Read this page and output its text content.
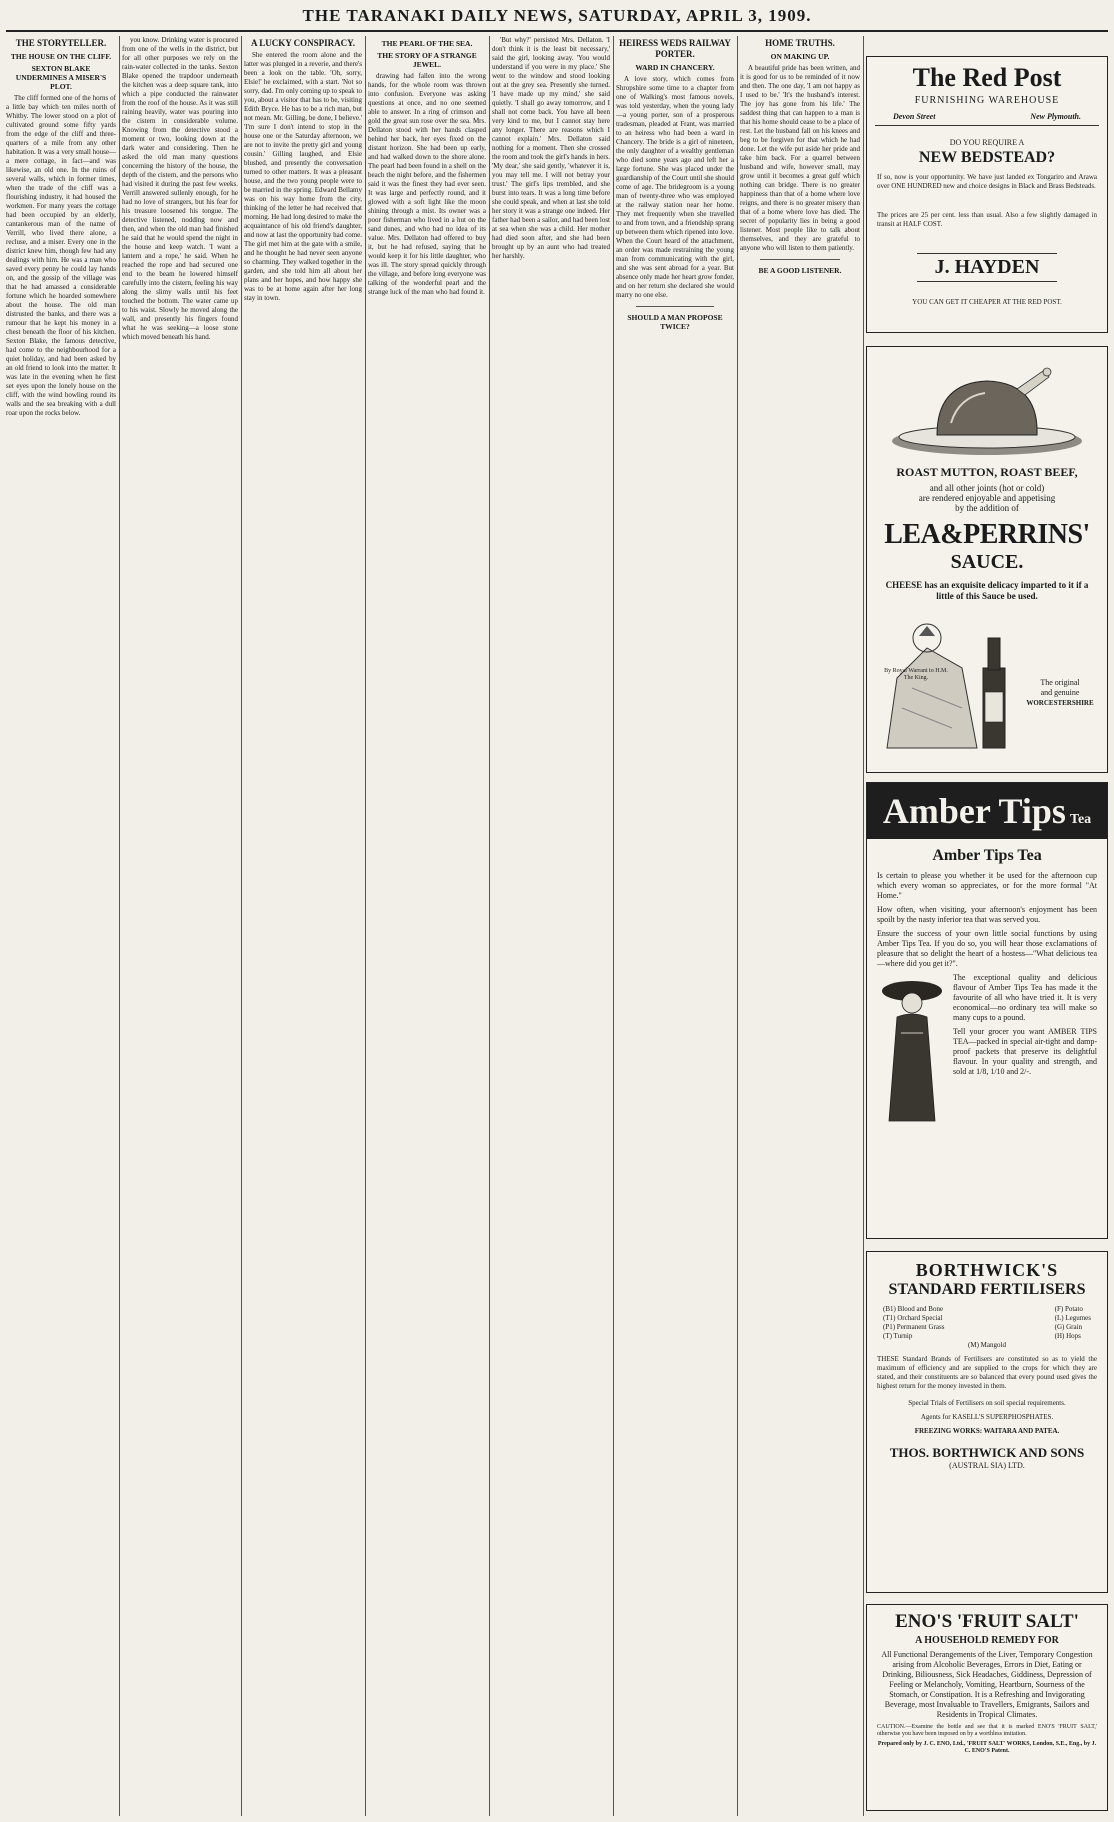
THE TARANAKI DAILY NEWS, SATURDAY, APRIL 3, 1909.
THE STORYTELLER.
THE HOUSE ON THE CLIFF.
SEXTON BLAKE UNDERMINES A MISER'S PLOT.

The cliff formed one of the horns of a little bay which ten miles north of Whitby. The lower stood on a plot of cultivated ground some fifty yards from the edge of the cliff and three-quarters of a mile from any other habitation. It was a very small house—a mere cottage, in fact—and was likewise, an old one. In the ruins of several walls, which in former times, when the trade of the cliff was a flourishing industry, it had housed the workmen. For many years the cottage had been occupied by an elderly, cantankerous man of the name of Verrill, who lived there alone, a recluse, and a miser. Every one in the district knew him, though few had any dealings with him. He was a man who saved every penny he could lay hands on, and the gossip of the village was that he had amassed a considerable fortune which he hoarded somewhere about the house. The old man distrusted the banks, and there was a rumour that he kept his money in a chest beneath the floor of his kitchen. Sexton Blake, the famous detective, had come to the neighbourhood for a quiet holiday, and had been asked by an old friend to look into the matter. It was late in the evening when he first set eyes upon the lonely house on the cliff, with the wind howling round its walls and the sea breaking with a dull roar upon the rocks below.

you know. Drinking water is procured from one of the wells in the district, but for all other purposes we rely on the rain-water collected in the tanks. Sexton Blake opened the trapdoor underneath the kitchen was a deep square tank, into which a pipe conducted the rainwater from the roof of the house. As it was still raining heavily, water was pouring into the cistern in considerable volume. Knowing from the detective stood a moment or two, looking down at the dark water and considering. Then he asked the old man many questions concerning the history of the house, the depth of the cistern, and the persons who had visited it during the past few weeks. Verrill answered sullenly enough, for he had no love of strangers, but his fear for his treasure loosened his tongue. The detective listened, nodding now and then, and when the old man had finished he said that he would spend the night in the house and keep watch. 'I want a lantern and a rope,' he said. When he reached the rope and had secured one end to the beam he lowered himself carefully into the cistern, feeling his way along the slimy walls until his feet touched the bottom. The water came up to his waist. Slowly he moved along the wall, and presently his fingers found what he was seeking—a loose stone which moved beneath his hand.

A LUCKY CONSPIRACY.

She entered the room alone and the latter was plunged in a reverie, and there's been a look on the table. 'Oh, sorry, Elsie!' he exclaimed, with a start. 'Not so sorry, dad. I'm only coming up to speak to you, about a visitor that has to be, visiting Edith Bryce. He has to be a rich man, but not mean. Mr. Gilling, be done, I believe.' 'I'm sure I don't intend to stop in the house one or the Saturday afternoon, we are not to invite the pretty girl and young cousin.' Gilling laughed, and Elsie blushed, and presently the conversation turned to other matters. It was a pleasant house, and the two young people were to be married in the spring. Edward Bellamy was on his way home from the city, thinking of the letter he had received that morning. He had long desired to make the acquaintance of his old friend's daughter, and now at last the opportunity had come. The girl met him at the gate with a smile, and he thought he had never seen anyone so charming. They walked together in the garden, and she told him all about her plans and her hopes, and how happy she was to be at home again after her long stay in town.

THE PEARL OF THE SEA.
THE STORY OF A STRANGE JEWEL.

drawing had fallen into the wrong hands, for the whole room was thrown into confusion. Everyone was asking questions at once, and no one seemed able to answer. In a ring of crimson and gold the great sun rose over the sea. Mrs. Dellaton stood with her hands clasped behind her back, her eyes fixed on the distant horizon. She had been up early, and had walked down to the shore alone. The pearl had been found in a shell on the beach the night before, and the fishermen said it was the finest they had ever seen. It was large and perfectly round, and it glowed with a soft light like the moon shining through a mist. Its owner was a poor fisherman who lived in a hut on the sand dunes, and who had no idea of its value. Mrs. Dellaton had offered to buy it, but he had refused, saying that he would keep it for his little daughter, who was ill. The story spread quickly through the village, and before long everyone was talking of the wonderful pearl and the strange luck of the man who had found it.

'But why?' persisted Mrs. Dellaton. 'I don't think it is the least bit necessary,' said the girl, looking away. 'You would understand if you were in my place.' She went to the window and stood looking out at the grey sea. Presently she turned. 'I have made up my mind,' she said quietly. 'I shall go away tomorrow, and I shall not come back. You have all been very kind to me, but I cannot stay here any longer. There are reasons which I cannot explain.' Mrs. Dellaton said nothing for a moment. Then she crossed the room and took the girl's hands in hers. 'My dear,' she said gently, 'whatever it is, you may tell me. I will not betray your trust.' The girl's lips trembled, and she burst into tears. It was a long time before she could speak, and when at last she told her story it was a strange one indeed. Her father had been a sailor, and had been lost at sea when she was a child. Her mother had died soon after, and she had been brought up by an aunt who had treated her harshly.

HEIRESS WEDS RAILWAY PORTER.
WARD IN CHANCERY.

A love story, which comes from Shropshire some time to a chapter from one of Walking's most famous novels, was told yesterday, when the young lady—a young porter, son of a prosperous tradesman, pleaded at Frant, was married to an heiress who had been a ward in Chancery. The bride is a girl of nineteen, the only daughter of a wealthy gentleman who died some years ago and left her a large fortune. She was placed under the guardianship of the Court until she should come of age. The bridegroom is a young man of twenty-three who was employed at the railway station near her home. They met frequently when she travelled to and from town, and a friendship sprang up between them which ripened into love. When the Court heard of the attachment, an order was made restraining the young man from communicating with the girl, and she was sent abroad for a year. But absence only made her heart grow fonder, and on her return she declared she would marry no one else.

SHOULD A MAN PROPOSE TWICE?
HOME TRUTHS.
ON MAKING UP.

A beautiful pride has been written, and it is good for us to be reminded of it now and then. The one day, 'I am not happy as I used to be.' 'It's the husband's interest. The joy has gone from his life.' The saddest thing that can happen to a man is that his home should cease to be a place of rest. Let the husband fall on his knees and beg to be forgiven for that which he had done. Let the wife put aside her pride and take him back. For a quarrel between husband and wife, however small, may grow until it becomes a great gulf which nothing can bridge. There is no greater happiness than that of a home where love reigns, and there is no greater misery than that of a home where love has died. The secret of popularity lies in being a good listener. Most people like to talk about themselves, and they are grateful to anyone who will listen to them patiently.

BE A GOOD LISTENER.
The Red Post
FURNISHING WAREHOUSE
Devon Street	New Plymouth.
DO YOU REQUIRE A
NEW BEDSTEAD?
If so, now is your opportunity. We have just landed ex Tongariro and Arawa over ONE HUNDRED new and choice designs in Black and Brass Bedsteads.
The prices are 25 per cent. less than usual. Also a few slightly damaged in transit at HALF COST.
J. HAYDEN
YOU CAN GET IT CHEAPER AT THE RED POST.
ROAST MUTTON, ROAST BEEF,
and all other joints (hot or cold)
are rendered enjoyable and appetising
by the addition of
LEA&PERRINS'
SAUCE.
CHEESE has an exquisite delicacy imparted to it if a little of this Sauce be used.
By Royal Warrant to H.M. The King.	The original
and genuine
WORCESTERSHIRE
Amber Tips Tea
Amber Tips Tea
Is certain to please you whether it be used for the afternoon cup which every woman so appreciates, or for the more formal "At Home."
How often, when visiting, your afternoon's enjoyment has been spoilt by the nasty inferior tea that was served you.
Ensure the success of your own little social functions by using Amber Tips Tea. If you do so, you will hear those exclamations of pleasure that so delight the heart of a hostess—"What delicious tea—where did you get it?".
The exceptional quality and delicious flavour of Amber Tips Tea has made it the favourite of all who have tried it. It is very economical—no ordinary tea will make so many cups to a pound.
Tell your grocer you want AMBER TIPS TEA—packed in special air-tight and damp-proof packets that preserve its delightful flavour. In your quality and strength, and sold at 1/8, 1/10 and 2/-.
BORTHWICK'S
STANDARD FERTILISERS
(B1) Blood and Bone
(T1) Orchard Special
(P1) Permanent Grass
(T) Turnip
(F) Potato
(L) Legumes
(G) Grain
(H) Hops
(M) Mangold
THESE Standard Brands of Fertilisers are constituted so as to yield the maximum of efficiency and are supplied to the crops for which they are stated, and their constituents are so balanced that every pound used gives the highest return for the money invested in them.
Special Trials of Fertilisers on soil special requirements.
Agents for KASELL'S SUPERPHOSPHATES.
FREEZING WORKS: WAITARA AND PATEA.
THOS. BORTHWICK AND SONS
(AUSTRAL SIA) LTD.
ENO'S 'FRUIT SALT'
A HOUSEHOLD REMEDY FOR
All Functional Derangements of the Liver, Temporary Congestion arising from Alcoholic Beverages, Errors in Diet, Eating or Drinking, Biliousness, Sick Headaches, Giddiness, Depression of Feeling or Melancholy, Vomiting, Heartburn, Sourness of the Stomach, or Constipation. It is a Refreshing and Invigorating Beverage, most Invaluable to Travellers, Emigrants, Sailors and Residents in Tropical Climates.
CAUTION.—Examine the bottle and see that it is marked ENO'S 'FRUIT SALT,' otherwise you have been imposed on by a worthless imitation.
Prepared only by J. C. ENO, Ltd., 'FRUIT SALT' WORKS, London, S.E., Eng., by J. C. ENO'S Patent.
